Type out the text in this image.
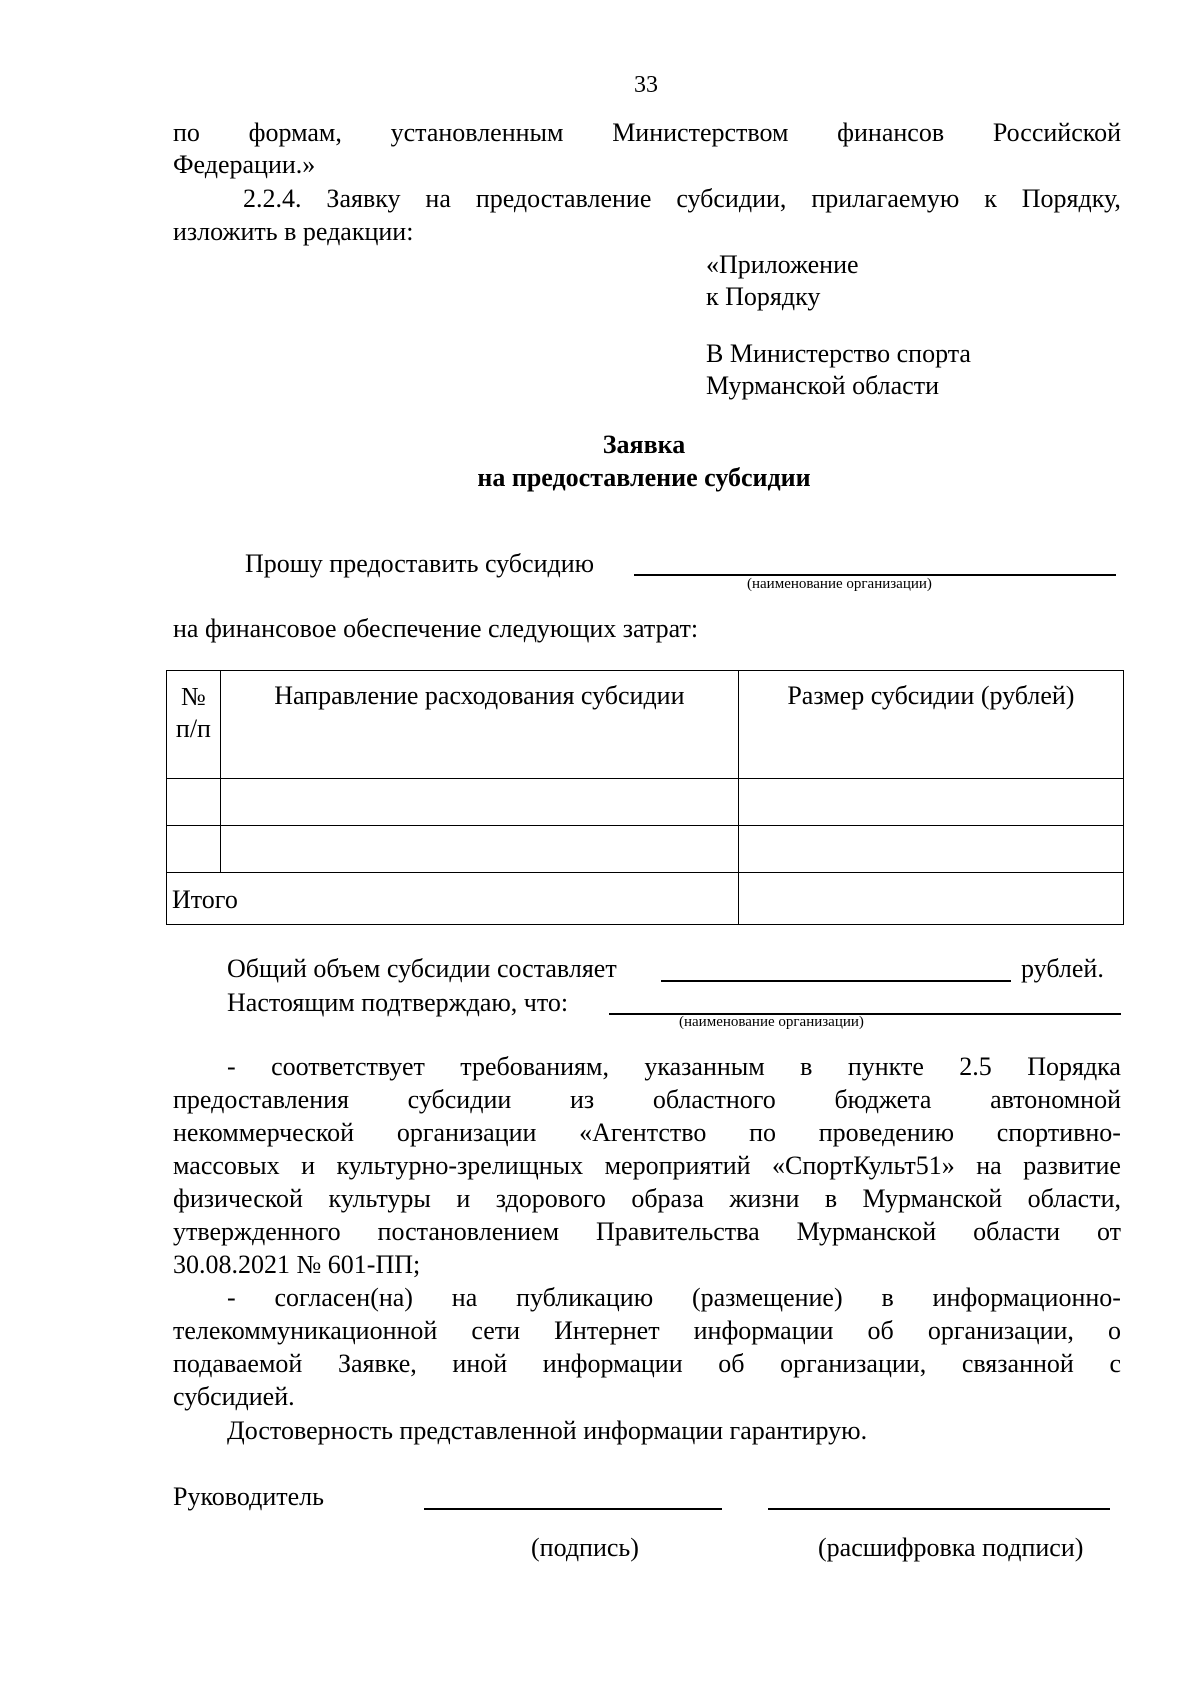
33
по формам, установленным Министерством финансов Российской
Федерации.»
2.2.4. Заявку на предоставление субсидии, прилагаемую к Порядку,
изложить в редакции:
«Приложение
к Порядку
В Министерство спорта
Мурманской области
Заявка
на предоставление субсидии
Прошу предоставить субсидию
(наименование организации)
на финансовое обеспечение следующих затрат:
№
п/п	Направление расходования субсидии	Размер субсидии (рублей)

Итого		

Общий объем субсидии составляет	рублей.
Настоящим подтверждаю, что:
(наименование организации)
- соответствует требованиям, указанным в пункте 2.5 Порядка
предоставления субсидии из областного бюджета автономной
некоммерческой организации «Агентство по проведению спортивно-
массовых и культурно-зрелищных мероприятий «СпортКульт51» на развитие
физической культуры и здорового образа жизни в Мурманской области,
утвержденного постановлением Правительства Мурманской области от
30.08.2021 № 601-ПП;
- согласен(на) на публикацию (размещение) в информационно-
телекоммуникационной сети Интернет информации об организации, о
подаваемой Заявке, иной информации об организации, связанной с
субсидией.
Достоверность представленной информации гарантирую.
Руководитель
(подпись)	(расшифровка подписи)
